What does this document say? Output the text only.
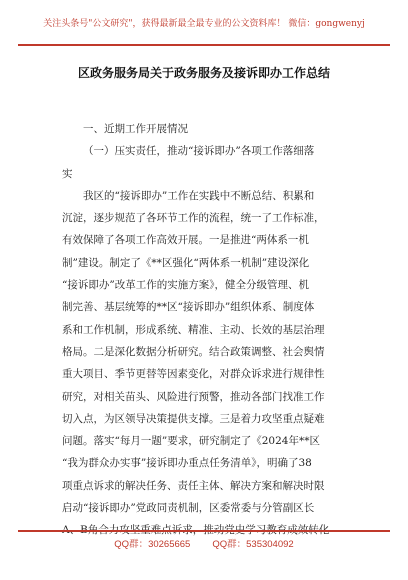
关注头条号"公文研究"，获得最新最全最专业的公文资料库！ 微信：gongwenyj
区政务服务局关于政务服务及接诉即办工作总结

一、近期工作开展情况

（一）压实责任，推动“接诉即办”各项工作落细落

实

我区的“接诉即办”工作在实践中不断总结、积累和

沉淀，逐步规范了各环节工作的流程，统一了工作标准，

有效保障了各项工作高效开展。一是推进“两体系一机

制”建设。制定了《**区强化“两体系一机制”建设深化

“接诉即办”改革工作的实施方案》，健全分级管理、机

制完善、基层统筹的**区“接诉即办”组织体系、制度体

系和工作机制，形成系统、精准、主动、长效的基层治理

格局。二是深化数据分析研究。结合政策调整、社会舆情

重大项目、季节更替等因素变化，对群众诉求进行规律性

研究，对相关苗头、风险进行预警，推动各部门找准工作

切入点，为区领导决策提供支撑。三是着力攻坚重点疑难

问题。落实“每月一题”要求，研究制定了《2024年**区

“我为群众办实事”接诉即办重点任务清单》，明确了38

项重点诉求的解决任务、责任主体、解决方案和解决时限

启动“接诉即办”党政同责机制，区委常委与分管副区长

A、B角合力攻坚重难点诉求，推动党史学习教育成效转化

QQ群：30265665 QQ群：535304092
